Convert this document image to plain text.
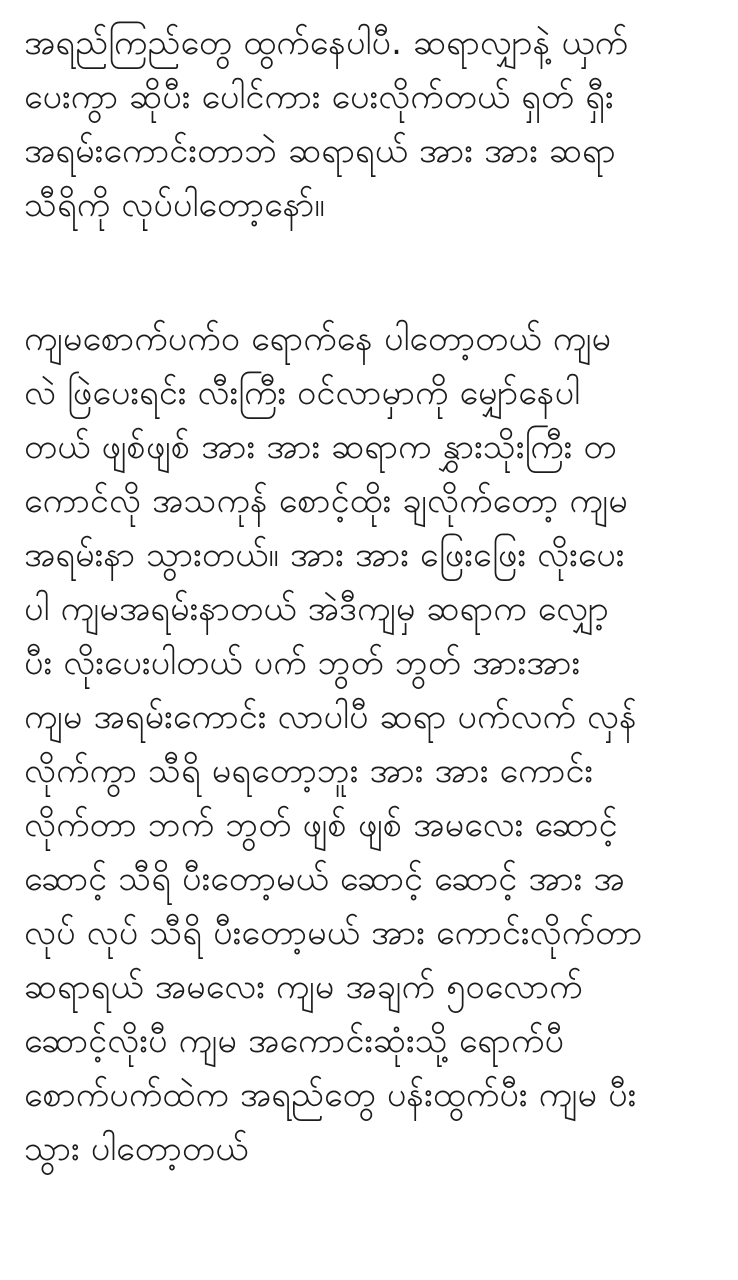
အရည်ကြည်တွေ ထွက်နေပါပီ. ဆရာလျှာနဲ့ ယှက်
ပေးကွာ ဆိုပီး ပေါင်ကား ပေးလိုက်တယ် ရှတ် ရှီး
အရမ်းကောင်းတာဘဲ ဆရာရယ် အား အား ဆရာ
သီရိကို လုပ်ပါတော့နော်။
ကျမစောက်ပက်ဝ ရောက်နေ ပါတော့တယ် ကျမ
လဲ ဖြဲပေးရင်း လီးကြီး ဝင်လာမှာကို မျှော်နေပါ
တယ် ဖျစ်ဖျစ် အား အား ဆရာက နွှားသိုးကြီး တ
ကောင်လို အသကုန် စောင့်ထိုး ချလိုက်တော့ ကျမ
အရမ်းနာ သွားတယ်။ အား အား ဖြေးဖြေး လိုးပေး
ပါ ကျမအရမ်းနာတယ် အဲဒီကျမှ ဆရာက လျှော့
ပီး လိုးပေးပါတယ် ပက် ဘွတ် ဘွတ် အားအား
ကျမ အရမ်းကောင်း လာပါပီ ဆရာ ပက်လက် လှန်
လိုက်ကွာ သီရိ မရတော့ဘူး အား အား ကောင်း
လိုက်တာ ဘက် ဘွတ် ဖျစ် ဖျစ် အမလေး ဆောင့်
ဆောင့် သီရိ ပီးတော့မယ် ဆောင့် ဆောင့် အား အ
လုပ် လုပ် သီရိ ပီးတော့မယ် အား ကောင်းလိုက်တာ
ဆရာရယ် အမလေး ကျမ အချက် ၅၀လောက်
ဆောင့်လိုးပီ ကျမ အကောင်းဆုံးသို့ ရောက်ပီ
စောက်ပက်ထဲက အရည်တွေ ပန်းထွက်ပီး ကျမ ပီး
သွား ပါတော့တယ်
